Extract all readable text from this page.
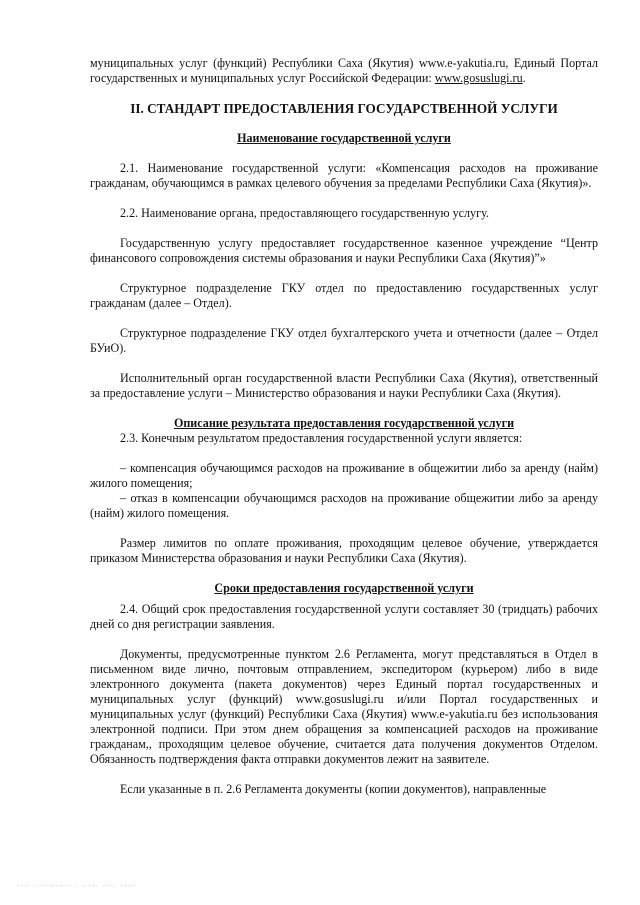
муниципальных услуг (функций) Республики Саха (Якутия) www.e-yakutia.ru, Единый Портал государственных и муниципальных услуг Российской Федерации: www.gosuslugi.ru.

II. СТАНДАРТ ПРЕДОСТАВЛЕНИЯ ГОСУДАРСТВЕННОЙ УСЛУГИ

Наименование государственной услуги

2.1. Наименование государственной услуги: «Компенсация расходов на проживание гражданам, обучающимся в рамках целевого обучения за пределами Республики Саха (Якутия)».

2.2. Наименование органа, предоставляющего государственную услугу.

Государственную услугу предоставляет государственное казенное учреждение “Центр финансового сопровождения системы образования и науки Республики Саха (Якутия)”»

Структурное подразделение ГКУ отдел по предоставлению государственных услуг гражданам (далее – Отдел).

Структурное подразделение ГКУ отдел бухгалтерского учета и отчетности (далее – Отдел БУиО).

Исполнительный орган государственной власти Республики Саха (Якутия), ответственный за предоставление услуги – Министерство образования и науки Республики Саха (Якутия).

Описание результата предоставления государственной услуги

2.3. Конечным результатом предоставления государственной услуги является:

– компенсация обучающимся расходов на проживание в общежитии либо за аренду (найм) жилого помещения;

– отказ в компенсации обучающимся расходов на проживание общежитии либо за аренду (найм) жилого помещения.

Размер лимитов по оплате проживания, проходящим целевое обучение, утверждается приказом Министерства образования и науки Республики Саха (Якутия).

Сроки предоставления государственной услуги

2.4. Общий срок предоставления государственной услуги составляет 30 (тридцать) рабочих дней со дня регистрации заявления.

Документы, предусмотренные пунктом 2.6 Регламента, могут представляться в Отдел в письменном виде лично, почтовым отправлением, экспедитором (курьером) либо в виде электронного документа (пакета документов) через Единый портал государственных и муниципальных услуг (функций) www.gosuslugi.ru и/или Портал государственных и муниципальных услуг (функций) Республики Саха (Якутия) www.e-yakutia.ru без использования электронной подписи. При этом днем обращения за компенсацией расходов на проживание гражданам,, проходящим целевое обучение, считается дата получения документов Отделом. Обязанность подтверждения факта отправки документов лежит на заявителе.

Если указанные в п. 2.6 Регламента документы (копии документов), направленные

ᐧᐧᐧᐧᐧ ᐧᐧᐧᐧᐧᐧᐧᐧᐧᐧᐧᐧᐧᐧ ᐧ ᐧᐧᐧᐧᐧᐧ ᐧᐧᐧᐧᐧ ᐧᐧᐧᐧᐧᐧ
